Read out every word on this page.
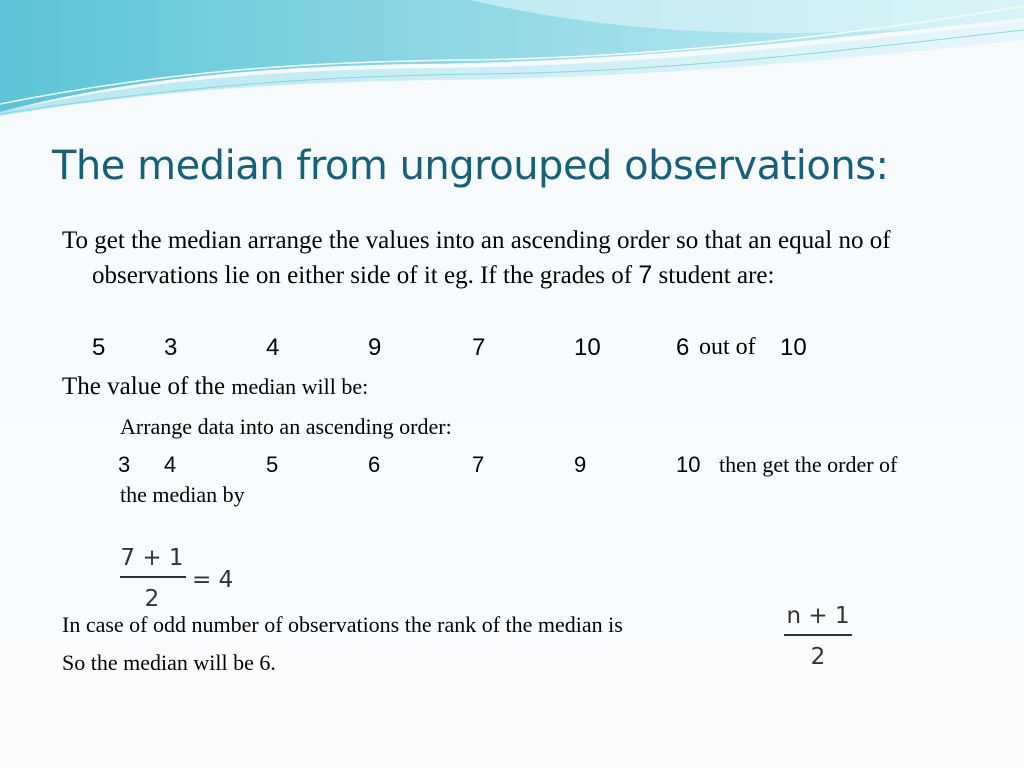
The median from ungrouped observations:

To get the median arrange the values into an ascending order so that an equal no of observations lie on either side of it eg. If the grades of 7 student are:

5 3	4	9	7	10	6 out of 10

The value of the median will be:

Arrange data into an ascending order:

3 4	5	6	7	9	10 then get the order of

the median by

7 + 1
2
= 4

In case of odd number of observations the rank of the median is	n + 1
2

So the median will be 6.
